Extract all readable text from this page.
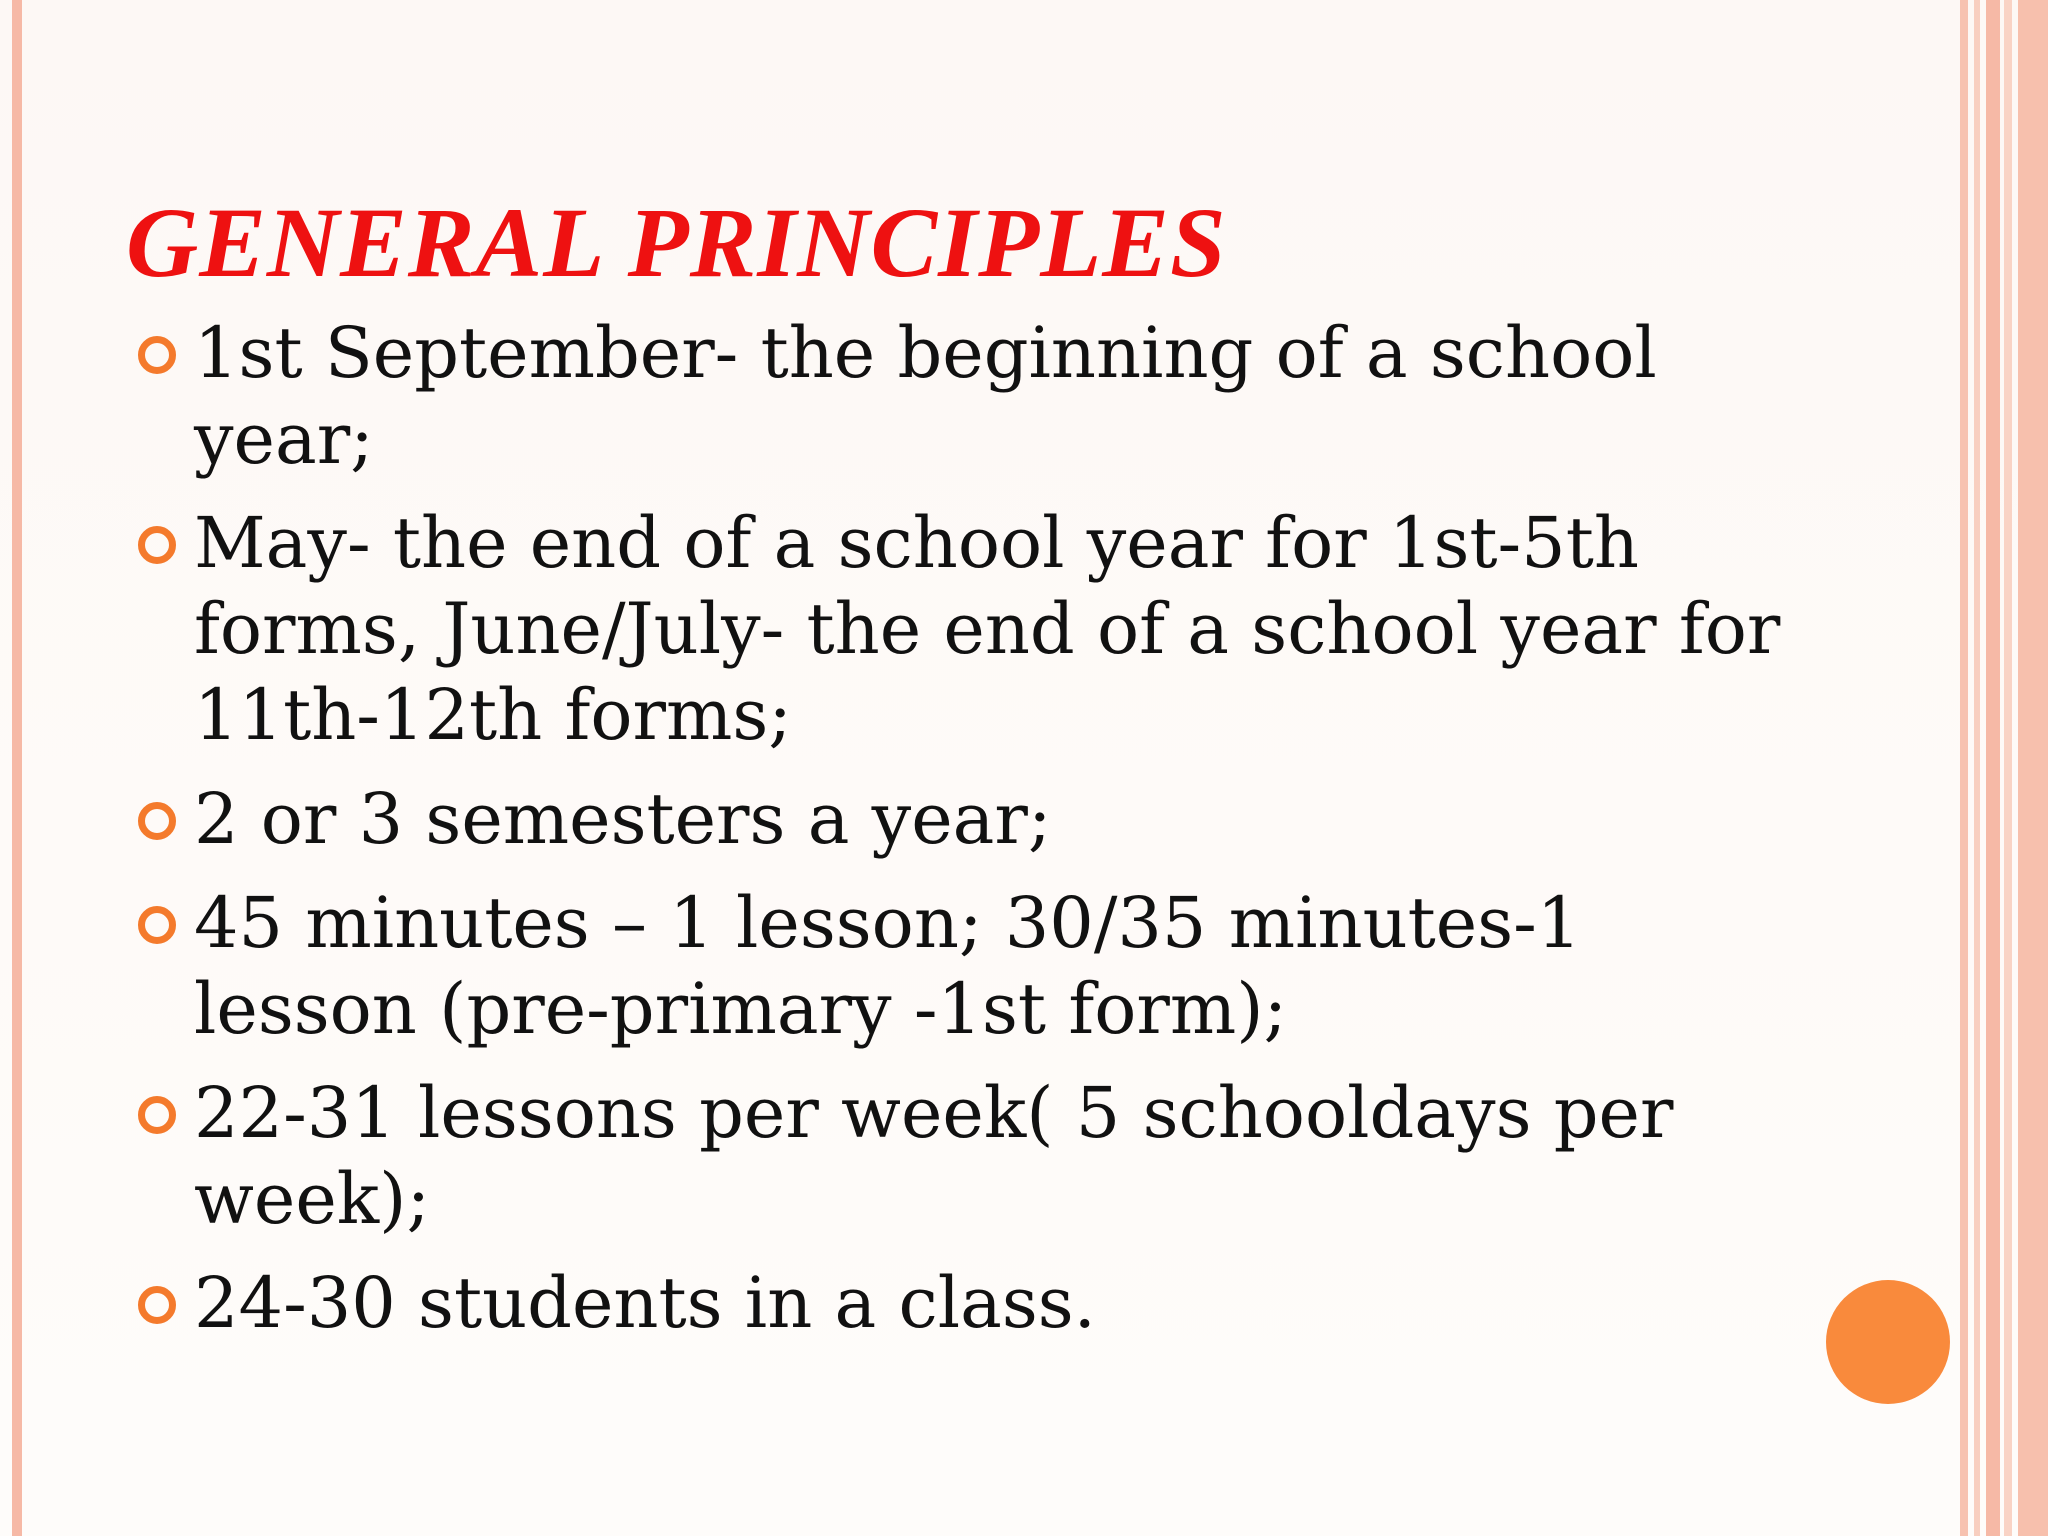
GENERAL PRINCIPLES
1st September- the beginning of a school year;
May- the end of a school year for 1st-5th forms, June/July- the end of a school year for 11th-12th forms;
2 or 3 semesters a year;
45 minutes – 1 lesson; 30/35 minutes-1 lesson (pre-primary -1st form);
22-31 lessons per week( 5 schooldays per week);
24-30 students in a class.
